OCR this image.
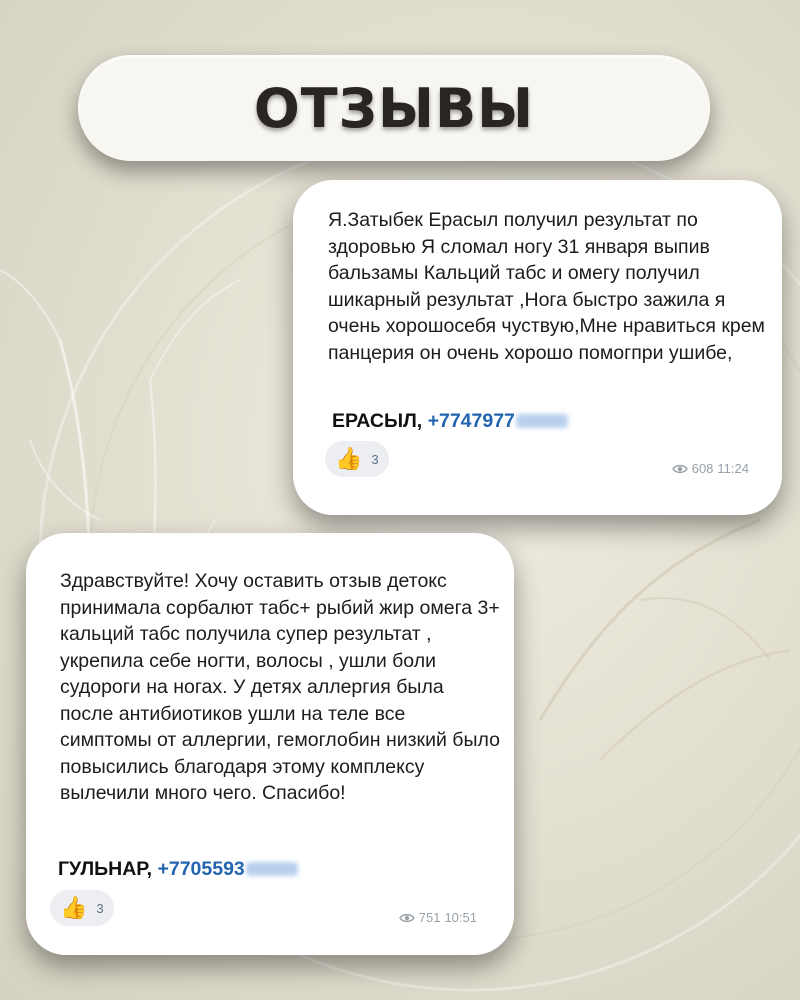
ОТЗЫВЫ
Я.Затыбек Ерасыл получил результат по здоровью Я сломал ногу 31 января выпив бальзамы Кальций табс и омегу получил шикарный результат ,Нога быстро зажила я очень хорошосебя чуствую,Мне нравиться крем панцерия он очень хорошо помогпри ушибе,
ЕРАСЫЛ, +7747977
👍 3
608 11:24
Здравствуйте! Хочу оставить отзыв детокс принимала сорбалют табс+ рыбий жир омега 3+ кальций табс получила супер результат , укрепила себе ногти, волосы , ушли боли судороги на ногах. У детях аллергия была после антибиотиков ушли на теле все симптомы от аллергии, гемоглобин низкий было повысились благодаря этому комплексу вылечили много чего. Спасибо!
ГУЛЬНАР, +7705593
👍 3
751 10:51
